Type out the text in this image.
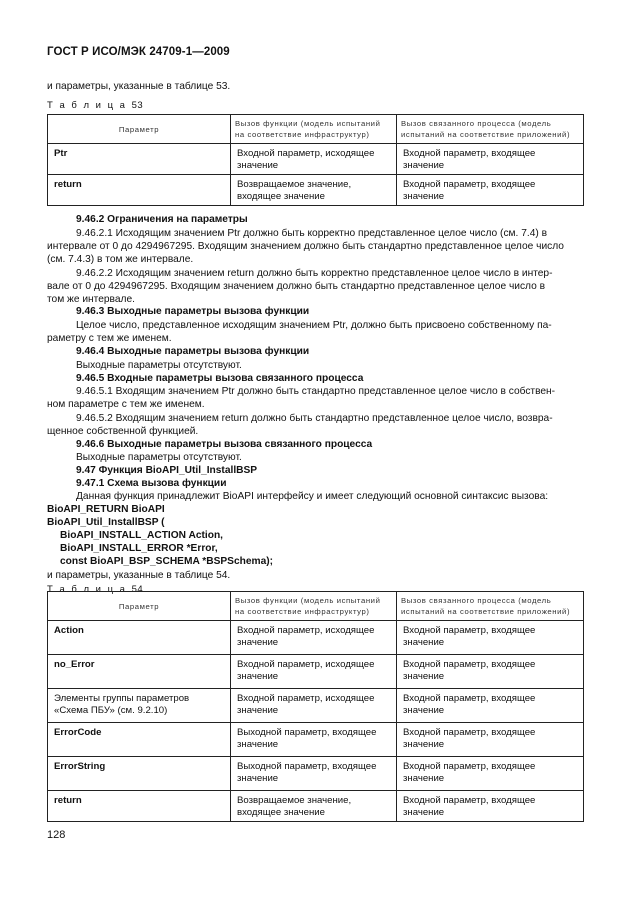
ГОСТ Р ИСО/МЭК 24709-1—2009
и параметры, указанные в таблице 53.
Т а б л и ц а 53
Параметр	Вызов функции (модель испытаний на соответствие инфраструктур)	Вызов связанного процесса (модель испытаний на соответствие приложений)
Ptr	Входной параметр, исходящее значение	Входной параметр, входящее значение
return	Возвращаемое значение, входящее значение	Входной параметр, входящее значение
9.46.2 Ограничения на параметры
9.46.2.1 Исходящим значением Ptr должно быть корректно представленное целое число (см. 7.4) в
интервале от 0 до 4294967295. Входящим значением должно быть стандартно представленное целое число
(см. 7.4.3) в том же интервале.
9.46.2.2 Исходящим значением return должно быть корректно представленное целое число в интер-
вале от 0 до 4294967295. Входящим значением должно быть стандартно представленное целое число в
том же интервале.
9.46.3 Выходные параметры вызова функции
Целое число, представленное исходящим значением Ptr, должно быть присвоено собственному па-
раметру с тем же именем.
9.46.4 Выходные параметры вызова функции
Выходные параметры отсутствуют.
9.46.5 Входные параметры вызова связанного процесса
9.46.5.1 Входящим значением Ptr должно быть стандартно представленное целое число в собствен-
ном параметре с тем же именем.
9.46.5.2 Входящим значением return должно быть стандартно представленное целое число, возвра-
щенное собственной функцией.
9.46.6 Выходные параметры вызова связанного процесса
Выходные параметры отсутствуют.
9.47 Функция BioAPI_Util_InstallBSP
9.47.1 Схема вызова функции
Данная функция принадлежит BioAPI интерфейсу и имеет следующий основной синтаксис вызова:
BioAPI_RETURN BioAPI
BioAPI_Util_InstallBSP (
BioAPI_INSTALL_ACTION Action,
BioAPI_INSTALL_ERROR *Error,
const BioAPI_BSP_SCHEMA *BSPSchema);
и параметры, указанные в таблице 54.
Т а б л и ц а 54
Параметр	Вызов функции (модель испытаний на соответствие инфраструктур)	Вызов связанного процесса (модель испытаний на соответствие приложений)
Action	Входной параметр, исходящее значение	Входной параметр, входящее значение
no_Error	Входной параметр, исходящее значение	Входной параметр, входящее значение
Элементы группы параметров «Схема ПБУ» (см. 9.2.10)	Входной параметр, исходящее значение	Входной параметр, входящее значение
ErrorCode	Выходной параметр, входящее значение	Входной параметр, входящее значение
ErrorString	Выходной параметр, входящее значение	Входной параметр, входящее значение
return	Возвращаемое значение, входящее значение	Входной параметр, входящее значение
128
